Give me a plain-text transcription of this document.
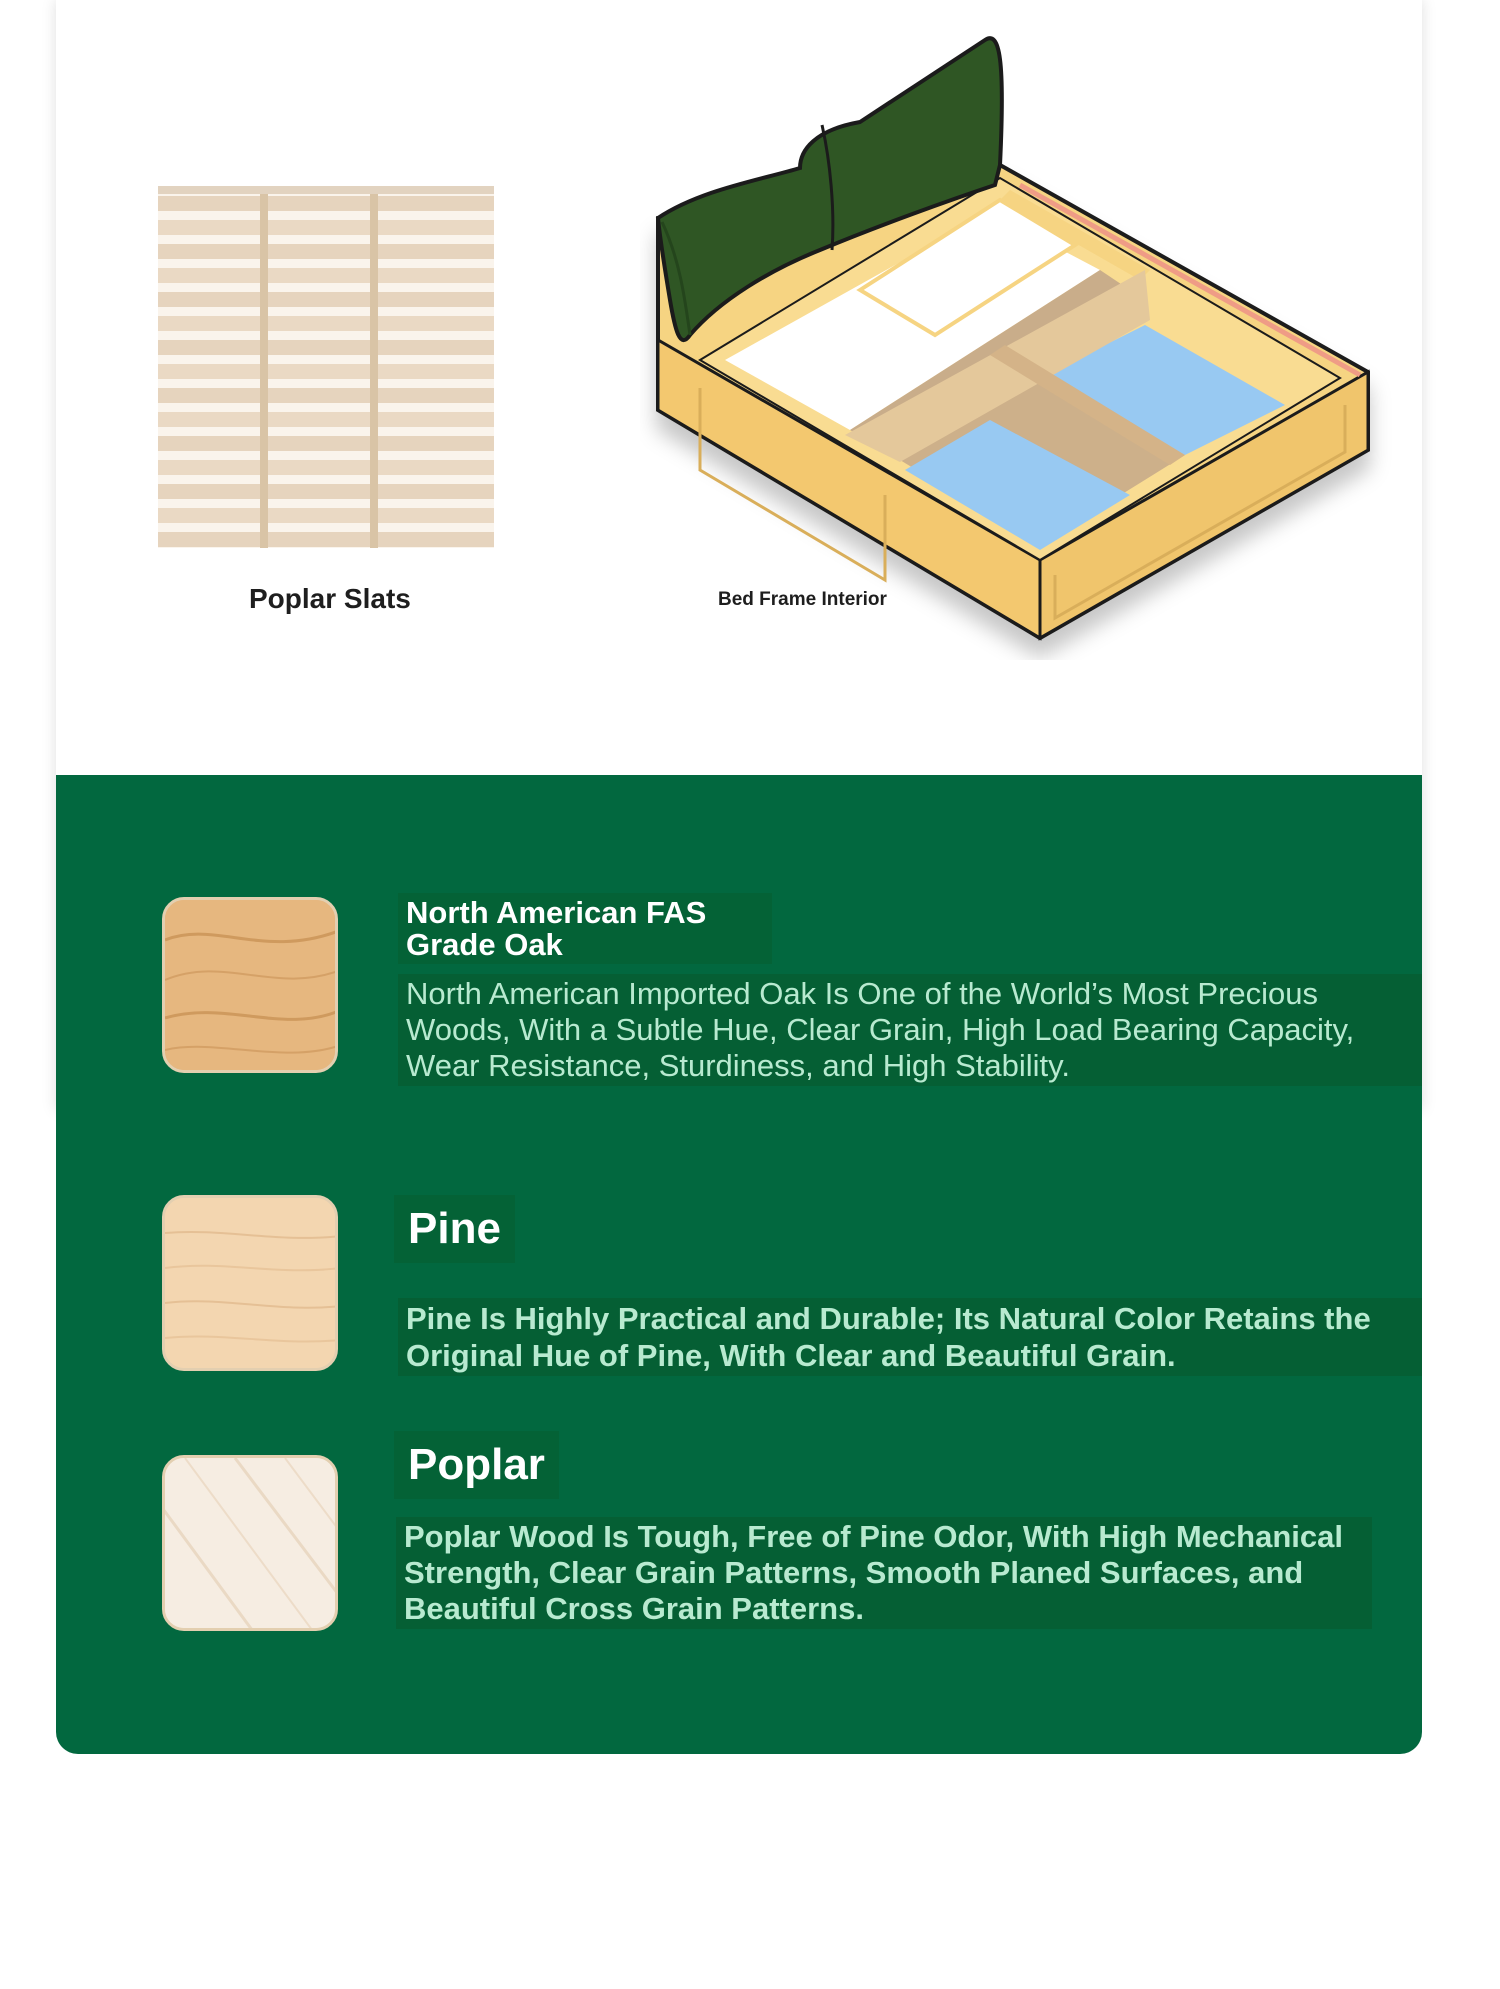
Poplar Slats	Bed Frame Interior
North American FAS
Grade Oak
North American Imported Oak Is One of the World’s Most Precious Woods, With a Subtle Hue, Clear Grain, High Load Bearing Capacity, Wear Resistance, Sturdiness, and High Stability.
Pine
Pine Is Highly Practical and Durable; Its Natural Color Retains the Original Hue of Pine, With Clear and Beautiful Grain.
Poplar
Poplar Wood Is Tough, Free of Pine Odor, With High Mechanical Strength, Clear Grain Patterns, Smooth Planed Surfaces, and Beautiful Cross Grain Patterns.
